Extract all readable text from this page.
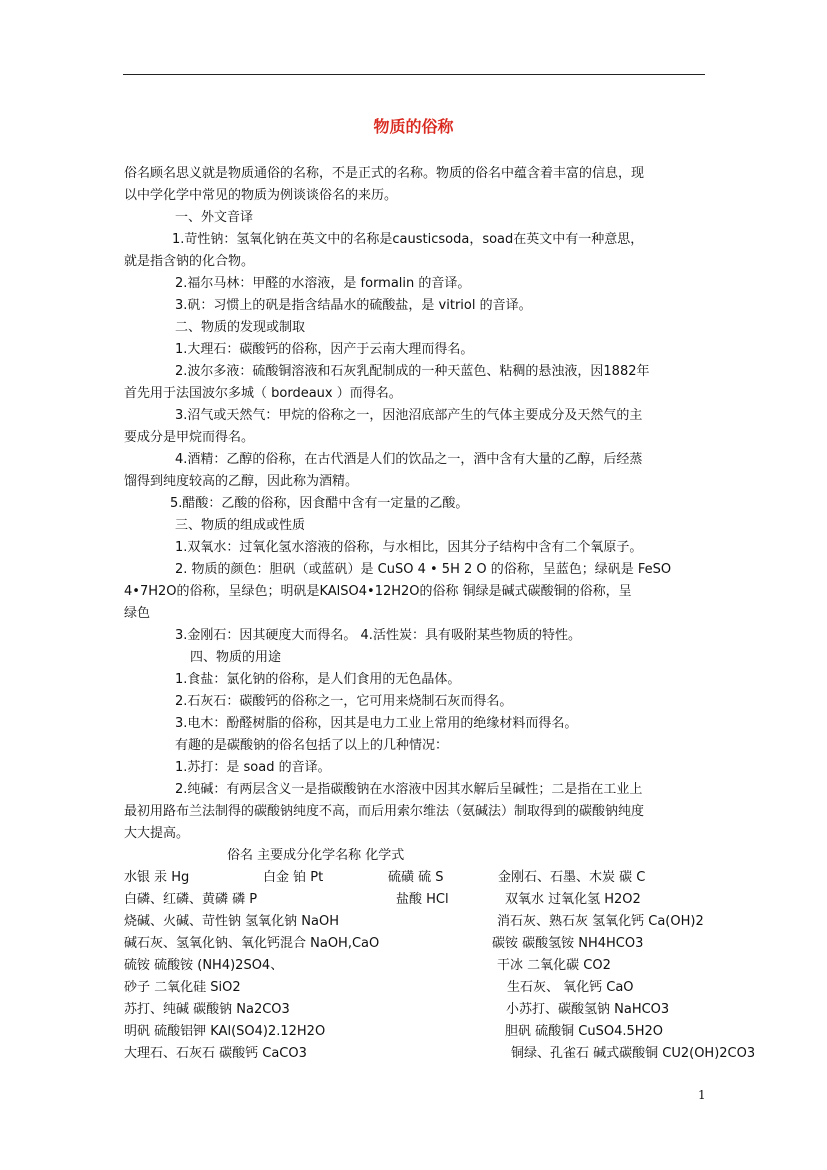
物质的俗称
俗名顾名思义就是物质通俗的名称，不是正式的名称。物质的俗名中蕴含着丰富的信息，现
以中学化学中常见的物质为例谈谈俗名的来历。
一、外文音译
1.苛性钠：氢氧化钠在英文中的名称是causticsoda，soad在英文中有一种意思，
就是指含钠的化合物。
2.福尔马林：甲醛的水溶液，是 formalin 的音译。
3.矾：习惯上的矾是指含结晶水的硫酸盐，是 vitriol 的音译。
二、物质的发现或制取
1.大理石：碳酸钙的俗称，因产于云南大理而得名。
2.波尔多液：硫酸铜溶液和石灰乳配制成的一种天蓝色、粘稠的悬浊液，因1882年
首先用于法国波尔多城（ bordeaux ）而得名。
3.沼气或天然气：甲烷的俗称之一，因池沼底部产生的气体主要成分及天然气的主
要成分是甲烷而得名。
4.酒精：乙醇的俗称，在古代酒是人们的饮品之一，酒中含有大量的乙醇，后经蒸
馏得到纯度较高的乙醇，因此称为酒精。
5.醋酸：乙酸的俗称，因食醋中含有一定量的乙酸。
三、物质的组成或性质
1.双氧水：过氧化氢水溶液的俗称，与水相比，因其分子结构中含有二个氧原子。
2. 物质的颜色：胆矾（或蓝矾）是 CuSO 4 • 5H 2 O 的俗称，呈蓝色；绿矾是 FeSO
4•7H2O的俗称，呈绿色；明矾是KAlSO4•12H2O的俗称 铜绿是碱式碳酸铜的俗称，呈
绿色
3.金刚石：因其硬度大而得名。 4.活性炭：具有吸附某些物质的特性。
四、物质的用途
1.食盐：氯化钠的俗称，是人们食用的无色晶体。
2.石灰石：碳酸钙的俗称之一，它可用来烧制石灰而得名。
3.电木：酚醛树脂的俗称，因其是电力工业上常用的绝缘材料而得名。
有趣的是碳酸钠的俗名包括了以上的几种情况：
1.苏打：是 soad 的音译。
2.纯碱：有两层含义一是指碳酸钠在水溶液中因其水解后呈碱性；二是指在工业上
最初用路布兰法制得的碳酸钠纯度不高，而后用索尔维法（氨碱法）制取得到的碳酸钠纯度
大大提高。
俗名 主要成分化学名称 化学式
水银 汞 Hg	白金 铂 Pt	硫磺 硫 S	金刚石、石墨、木炭 碳 C
白磷、红磷、黄磷 磷 P	盐酸 HCl	双氧水 过氧化氢 H2O2
烧碱、火碱、苛性钠 氢氧化钠 NaOH	消石灰、熟石灰 氢氧化钙 Ca(OH)2
碱石灰、氢氧化钠、氧化钙混合 NaOH,CaO	碳铵 碳酸氢铵 NH4HCO3
硫铵 硫酸铵 (NH4)2SO4、	干冰 二氧化碳 CO2
砂子 二氧化硅 SiO2	生石灰、 氧化钙 CaO
苏打、纯碱 碳酸钠 Na2CO3	小苏打、碳酸氢钠 NaHCO3
明矾 硫酸铝钾 KAl(SO4)2.12H2O	胆矾 硫酸铜 CuSO4.5H2O
大理石、石灰石 碳酸钙 CaCO3	铜绿、孔雀石 碱式碳酸铜 CU2(OH)2CO3
1
